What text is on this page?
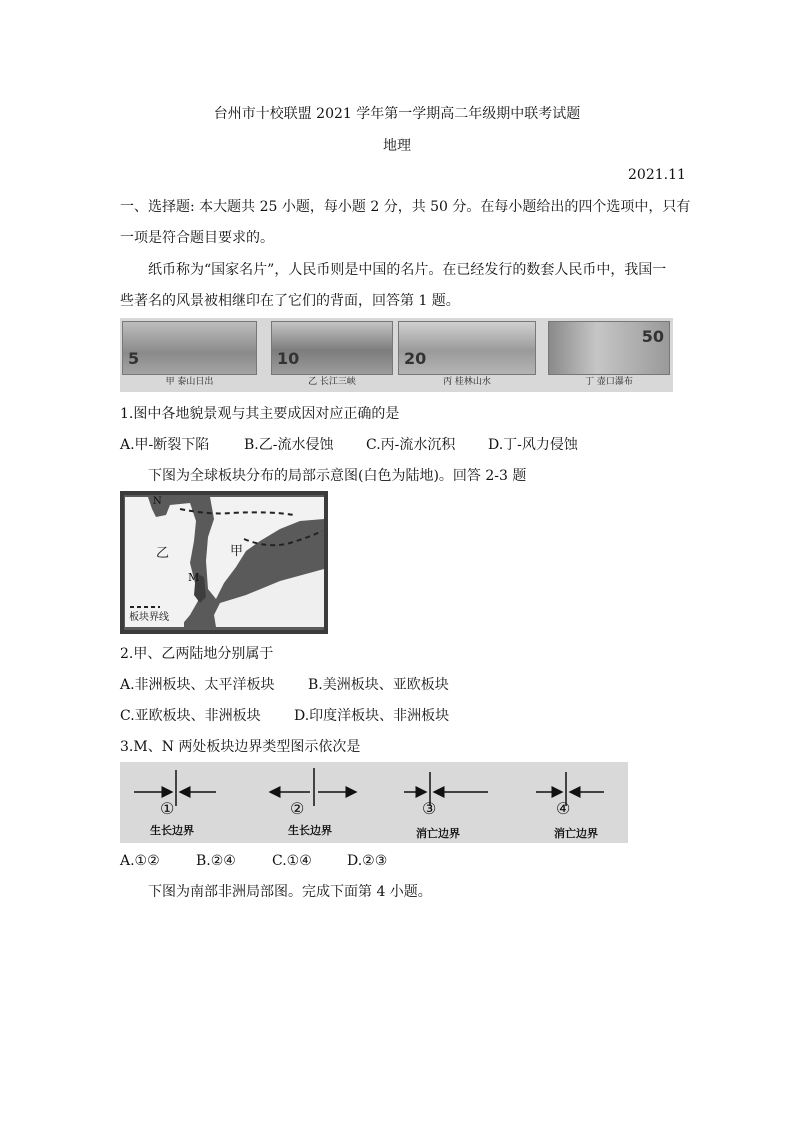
台州市十校联盟 2021 学年第一学期高二年级期中联考试题
地理
2021.11
一、选择题: 本大题共 25 小题，每小题 2 分，共 50 分。在每小题给出的四个选项中，只有
一项是符合题目要求的。
纸币称为“国家名片”，人民币则是中国的名片。在已经发行的数套人民币中，我国一
些著名的风景被相继印在了它们的背面，回答第 1 题。
5
甲 泰山日出
10
乙 长江三峡
20
丙 桂林山水
50
丁 壶口瀑布
1.图中各地貌景观与其主要成因对应正确的是
A.甲-断裂下陷 B.乙-流水侵蚀 C.丙-流水沉积 D.丁-风力侵蚀
下图为全球板块分布的局部示意图(白色为陆地)。回答 2-3 题
N
M
乙	甲
板块界线
2.甲、乙两陆地分别属于
A.非洲板块、太平洋板块 B.美洲板块、亚欧板块
C.亚欧板块、非洲板块 D.印度洋板块、非洲板块
3.M、N 两处板块边界类型图示依次是
①	②	③	④
生长边界	生长边界	消亡边界	消亡边界
A.①②	B.②④	C.①④	D.②③
下图为南部非洲局部图。完成下面第 4 小题。
